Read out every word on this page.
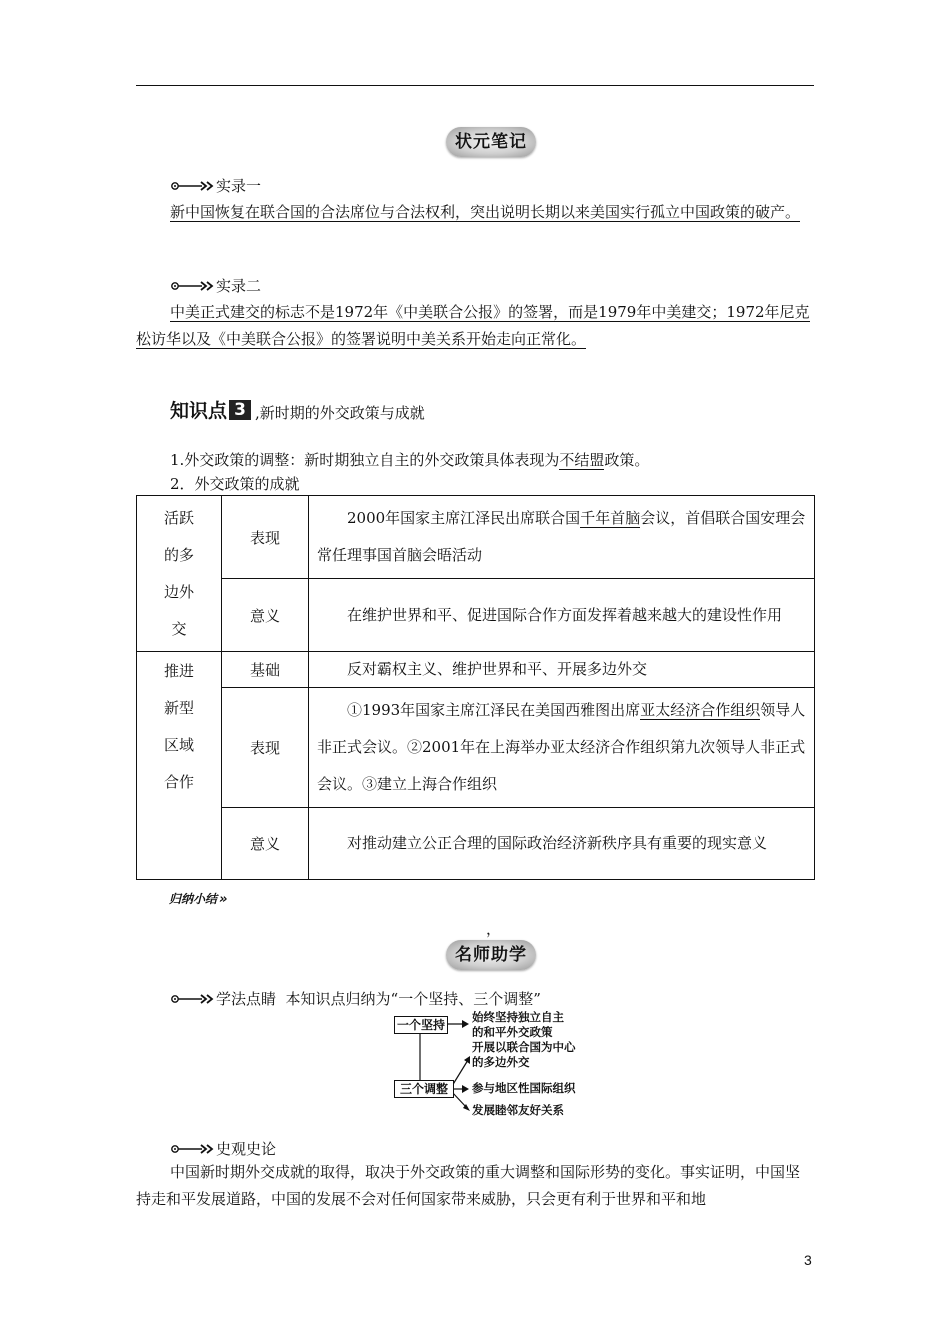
状元笔记
实录一
新中国恢复在联合国的合法席位与合法权利，突出说明长期以来美国实行孤立中国政策的破产。
实录二
中美正式建交的标志不是1972年《中美联合公报》的签署，而是1979年中美建交；1972年尼克松访华以及《中美联合公报》的签署说明中美关系开始走向正常化。
知识点 3 ,新时期的外交政策与成就
1.外交政策的调整：新时期独立自主的外交政策具体表现为不结盟政策。
2．外交政策的成就
活跃的多边外交	表现	2000年国家主席江泽民出席联合国千年首脑会议，首倡联合国安理会常任理事国首脑会晤活动
	意义	在维护世界和平、促进国际合作方面发挥着越来越大的建设性作用

推进新型区域合作	基础	反对霸权主义、维护世界和平、开展多边外交
	表现	①1993年国家主席江泽民在美国西雅图出席亚太经济合作组织领导人非正式会议。②2001年在上海举办亚太经济合作组织第九次领导人非正式会议。③建立上海合作组织
	意义	对推动建立公正合理的国际政治经济新秩序具有重要的现实意义
归纳小结 »
，
名师助学
学法点睛  本知识点归纳为“一个坚持、三个调整”
一个坚持
始终坚持独立自主
的和平外交政策
三个调整
开展以联合国为中心
的多边外交
参与地区性国际组织
发展睦邻友好关系
史观史论
中国新时期外交成就的取得，取决于外交政策的重大调整和国际形势的变化。事实证明，中国坚持走和平发展道路，中国的发展不会对任何国家带来威胁，只会更有利于世界和平和地
3
